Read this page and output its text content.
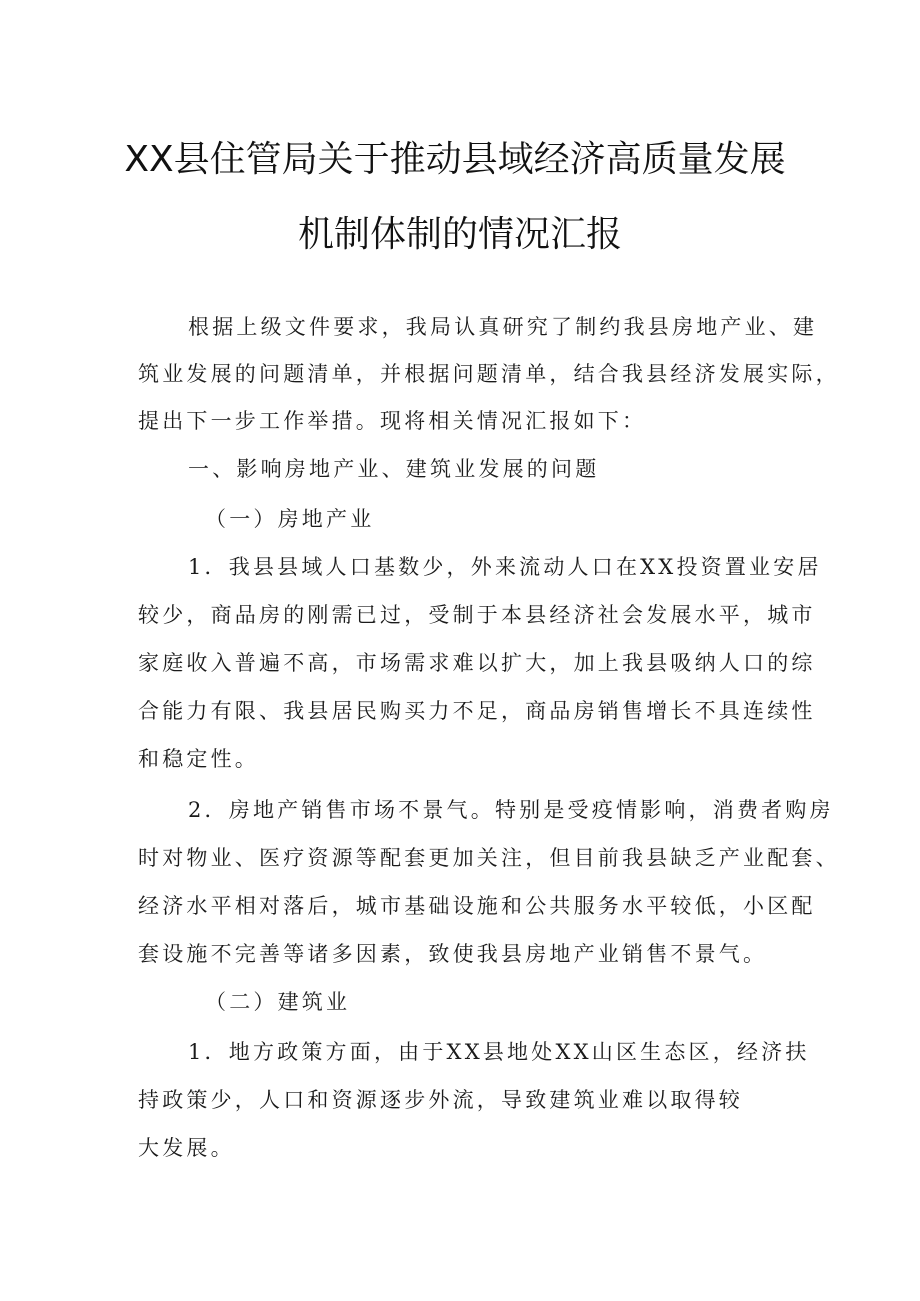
XX县住管局关于推动县域经济高质量发展
机制体制的情况汇报
根据上级文件要求，我局认真研究了制约我县房地产业、建
筑业发展的问题清单，并根据问题清单，结合我县经济发展实际，
提出下一步工作举措。现将相关情况汇报如下：
一、影响房地产业、建筑业发展的问题
（一）房地产业
1．我县县域人口基数少，外来流动人口在XX投资置业安居
较少，商品房的刚需已过，受制于本县经济社会发展水平，城市
家庭收入普遍不高，市场需求难以扩大，加上我县吸纳人口的综
合能力有限、我县居民购买力不足，商品房销售增长不具连续性
和稳定性。
2．房地产销售市场不景气。特别是受疫情影响，消费者购房
时对物业、医疗资源等配套更加关注，但目前我县缺乏产业配套、
经济水平相对落后，城市基础设施和公共服务水平较低，小区配
套设施不完善等诸多因素，致使我县房地产业销售不景气。
（二）建筑业
1．地方政策方面，由于XX县地处XX山区生态区，经济扶
持政策少，人口和资源逐步外流，导致建筑业难以取得较
大发展。
